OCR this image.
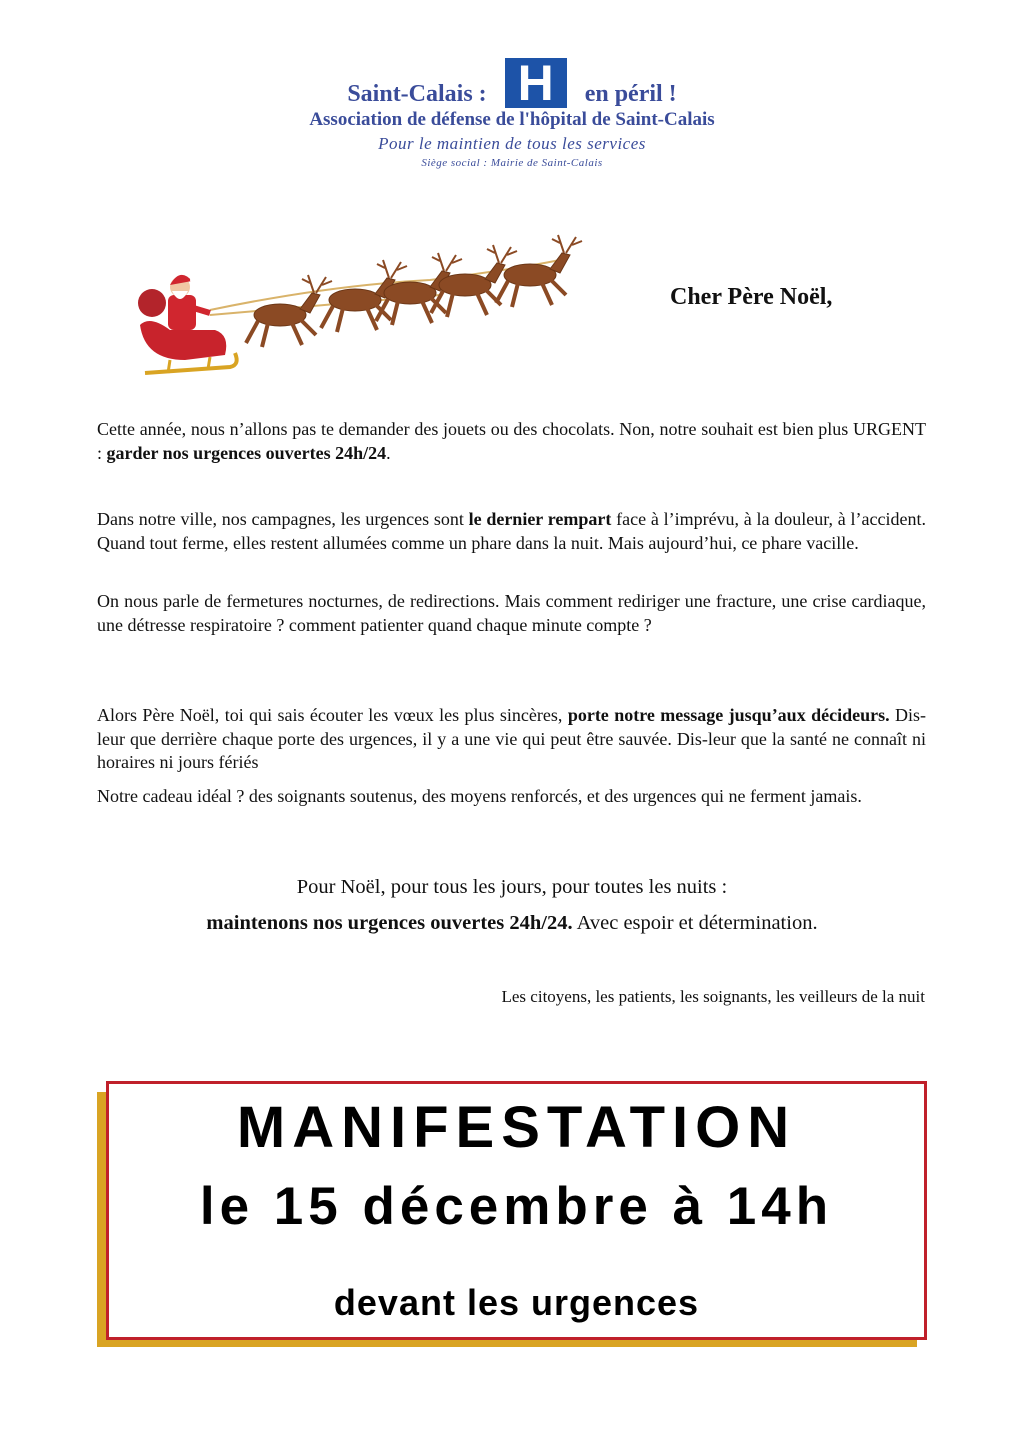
Saint-Calais : H en péril !
Association de défense de l'hôpital de Saint-Calais
Pour le maintien de tous les services
Siège social : Mairie de Saint-Calais
Cher Père Noël,

Cette année, nous n’allons pas te demander des jouets ou des chocolats. Non, notre souhait est bien plus URGENT : garder nos urgences ouvertes 24h/24.

Dans notre ville, nos campagnes, les urgences sont le dernier rempart face à l’imprévu, à la douleur, à l’accident. Quand tout ferme, elles restent allumées comme un phare dans la nuit. Mais aujourd’hui, ce phare vacille.

On nous parle de fermetures nocturnes, de redirections. Mais comment rediriger une fracture, une crise cardiaque, une détresse respiratoire ? comment patienter quand chaque minute compte ?

Alors Père Noël, toi qui sais écouter les vœux les plus sincères, porte notre message jusqu’aux décideurs. Dis-leur que derrière chaque porte des urgences, il y a une vie qui peut être sauvée. Dis-leur que la santé ne connaît ni horaires ni jours fériés

Notre cadeau idéal ? des soignants soutenus, des moyens renforcés, et des urgences qui ne ferment jamais.

Pour Noël, pour tous les jours, pour toutes les nuits :
maintenons nos urgences ouvertes 24h/24. Avec espoir et détermination.
Les citoyens, les patients, les soignants, les veilleurs de la nuit
MANIFESTATION
le 15 décembre à 14h
devant les urgences
